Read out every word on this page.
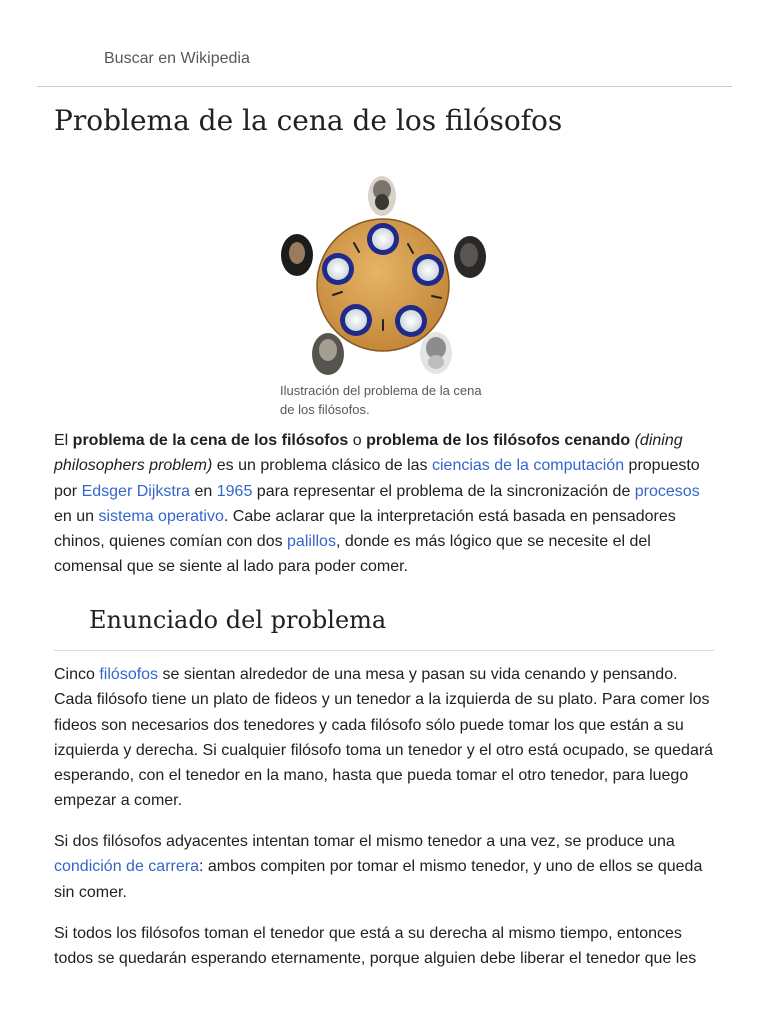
Buscar en Wikipedia
Problema de la cena de los filósofos
Ilustración del problema de la cena de los filósofos.

El problema de la cena de los filósofos o problema de los filósofos cenando (dining philosophers problem) es un problema clásico de las ciencias de la computación propuesto por Edsger Dijkstra en 1965 para representar el problema de la sincronización de procesos en un sistema operativo. Cabe aclarar que la interpretación está basada en pensadores chinos, quienes comían con dos palillos, donde es más lógico que se necesite el del comensal que se siente al lado para poder comer.

Enunciado del problema

Cinco filósofos se sientan alrededor de una mesa y pasan su vida cenando y pensando. Cada filósofo tiene un plato de fideos y un tenedor a la izquierda de su plato. Para comer los fideos son necesarios dos tenedores y cada filósofo sólo puede tomar los que están a su izquierda y derecha. Si cualquier filósofo toma un tenedor y el otro está ocupado, se quedará esperando, con el tenedor en la mano, hasta que pueda tomar el otro tenedor, para luego empezar a comer.

Si dos filósofos adyacentes intentan tomar el mismo tenedor a una vez, se produce una condición de carrera: ambos compiten por tomar el mismo tenedor, y uno de ellos se queda sin comer.

Si todos los filósofos toman el tenedor que está a su derecha al mismo tiempo, entonces todos se quedarán esperando eternamente, porque alguien debe liberar el tenedor que les
